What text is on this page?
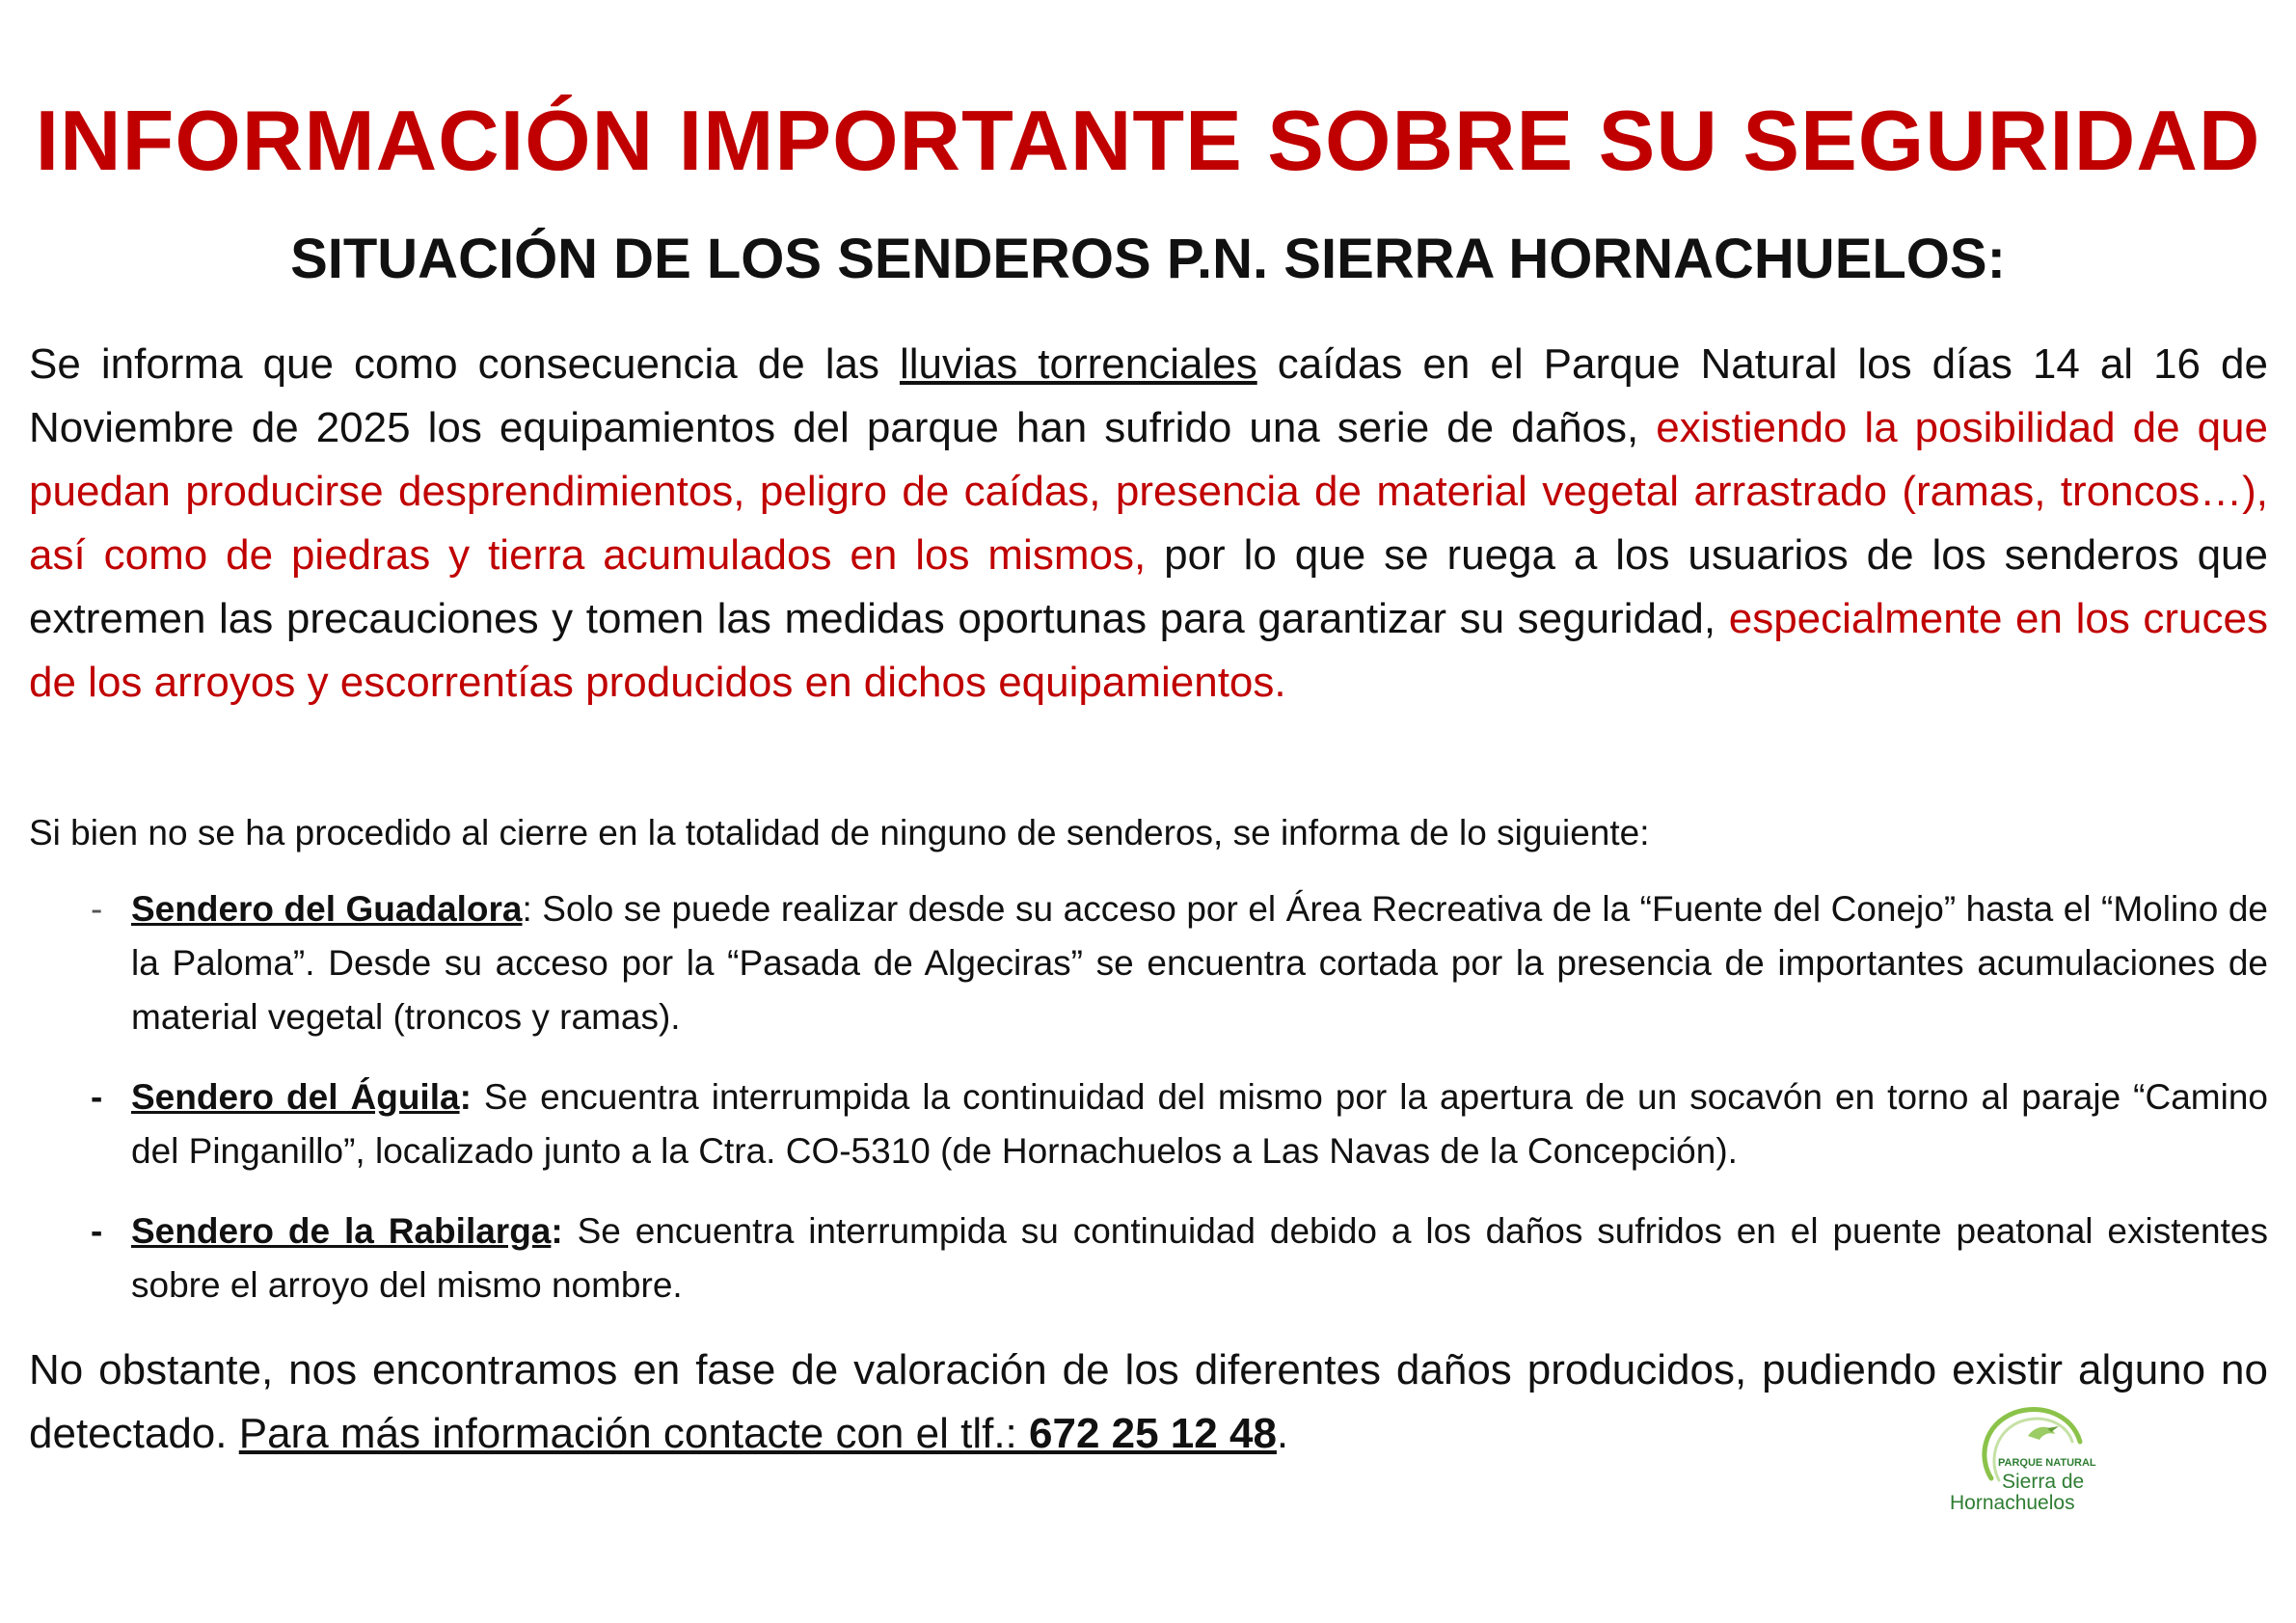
INFORMACIÓN IMPORTANTE SOBRE SU SEGURIDAD
SITUACIÓN DE LOS SENDEROS P.N. SIERRA HORNACHUELOS:

Se informa que como consecuencia de las lluvias torrenciales caídas en el Parque Natural los días 14 al 16 de Noviembre de 2025 los equipamientos del parque han sufrido una serie de daños, existiendo la posibilidad de que puedan producirse desprendimientos, peligro de caídas, presencia de material vegetal arrastrado (ramas, troncos…), así como de piedras y tierra acumulados en los mismos, por lo que se ruega a los usuarios de los senderos que extremen las precauciones y tomen las medidas oportunas para garantizar su seguridad, especialmente en los cruces de los arroyos y escorrentías producidos en dichos equipamientos.

Si bien no se ha procedido al cierre en la totalidad de ninguno de senderos, se informa de lo siguiente:

- Sendero del Guadalora: Solo se puede realizar desde su acceso por el Área Recreativa de la “Fuente del Conejo” hasta el “Molino de la Paloma”. Desde su acceso por la “Pasada de Algeciras” se encuentra cortada por la presencia de importantes acumulaciones de material vegetal (troncos y ramas).
- Sendero del Águila: Se encuentra interrumpida la continuidad del mismo por la apertura de un socavón en torno al paraje “Camino del Pinganillo”, localizado junto a la Ctra. CO-5310 (de Hornachuelos a Las Navas de la Concepción).
- Sendero de la Rabilarga: Se encuentra interrumpida su continuidad debido a los daños sufridos en el puente peatonal existentes sobre el arroyo del mismo nombre.

No obstante, nos encontramos en fase de valoración de los diferentes daños producidos, pudiendo existir alguno no detectado. Para más información contacte con el tlf.: 672 25 12 48.

PARQUE NATURAL
Sierra de
Hornachuelos
